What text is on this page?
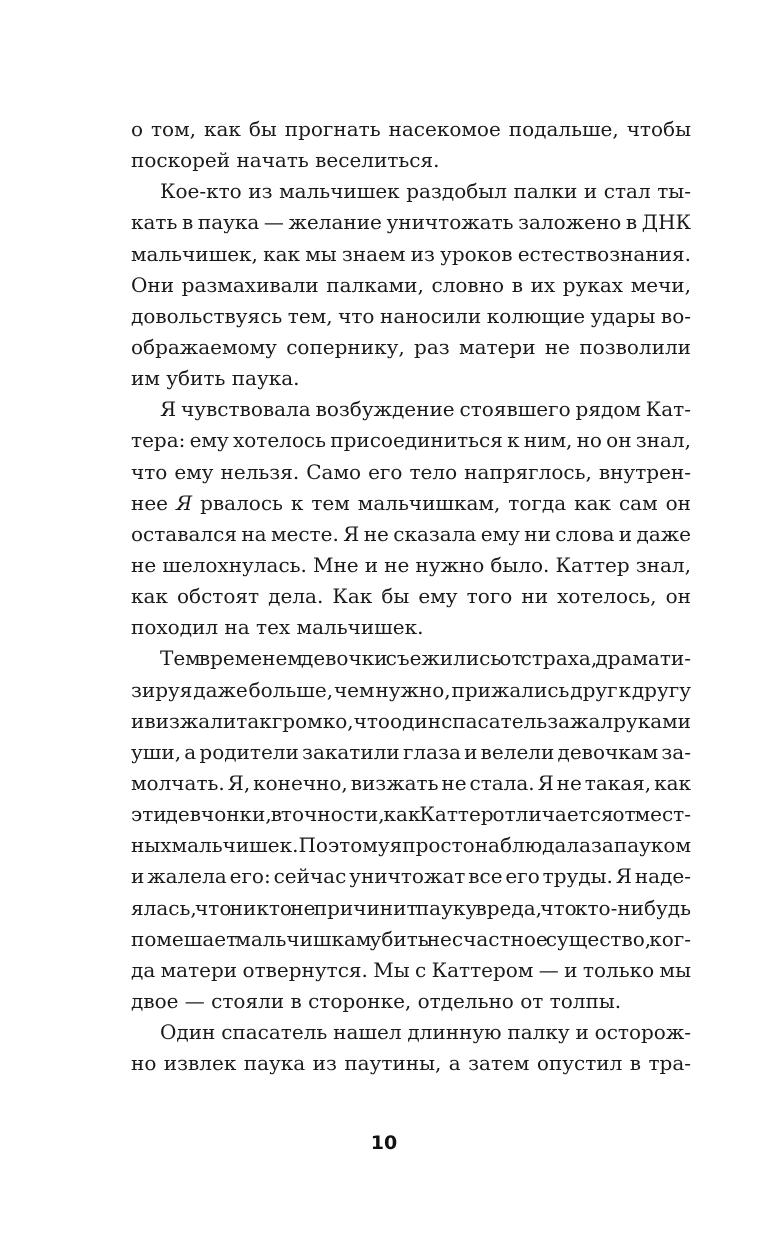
о том, как бы прогнать насекомое подальше, чтобы
поскорей начать веселиться.
Кое-кто из мальчишек раздобыл палки и стал ты-
кать в паука — желание уничтожать заложено в ДНК
мальчишек, как мы знаем из уроков естествознания.
Они размахивали палками, словно в их руках мечи,
довольствуясь тем, что наносили колющие удары во-
ображаемому сопернику, раз матери не позволили
им убить паука.
Я чувствовала возбуждение стоявшего рядом Кат-
тера: ему хотелось присоединиться к ним, но он знал,
что ему нельзя. Само его тело напряглось, внутрен-
нее Я рвалось к тем мальчишкам, тогда как сам он
оставался на месте. Я не сказала ему ни слова и даже
не шелохнулась. Мне и не нужно было. Каттер знал,
как обстоят дела. Как бы ему того ни хотелось, он
походил на тех мальчишек.
Тем временем девочки съежились от страха, драмати-
зируя даже больше, чем нужно, прижались друг к другу
и визжали так громко, что один спасатель зажал руками
уши, а родители закатили глаза и велели девочкам за-
молчать. Я, конечно, визжать не стала. Я не такая, как
эти девчонки, в точности, как Каттер отличается от мест-
ных мальчишек. Поэтому я просто наблюдала за пауком
и жалела его: сейчас уничтожат все его труды. Я наде-
ялась, что никто не причинит пауку вреда, что кто-нибудь
помешает мальчишкам убить несчастное существо, ког-
да матери отвернутся. Мы с Каттером — и только мы
двое — стояли в сторонке, отдельно от толпы.
Один спасатель нашел длинную палку и осторож-
но извлек паука из паутины, а затем опустил в тра-
10
